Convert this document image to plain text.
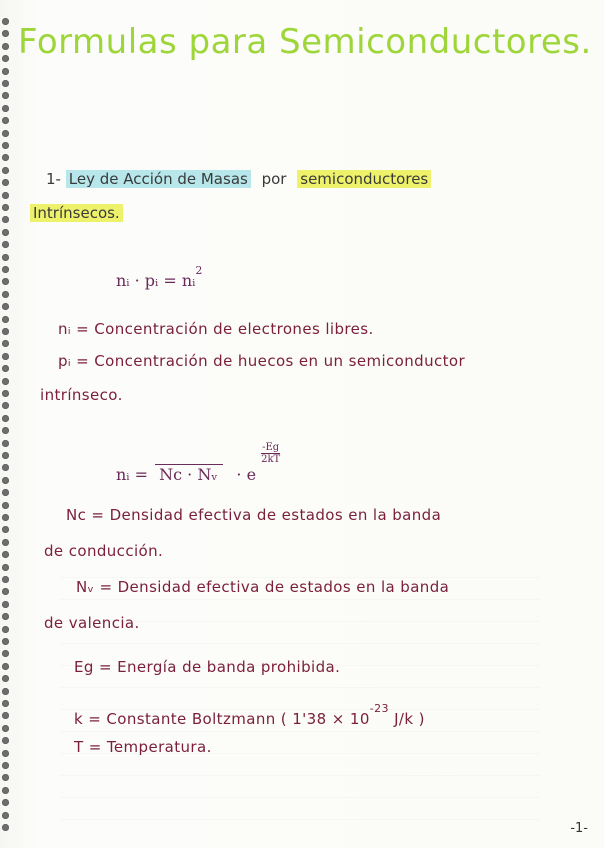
Formulas para Semiconductores.
1- Ley de Acción de Masas por semiconductores
Intrínsecos.
nᵢ · pᵢ = nᵢ$^2$
nᵢ = Concentración de electrones libres.
pᵢ = Concentración de huecos en un semiconductor
intrínseco.
nᵢ = Nc · Nᵥ · e
$\frac{-Eg}{2kT}$
Nc = Densidad efectiva de estados en la banda
de conducción.
Nᵥ = Densidad efectiva de estados en la banda
de valencia.
Eg = Energía de banda prohibida.
k = Constante Boltzmann ( $1'38 \times 10^{-23}$ J/k )
T = Temperatura.
-1-
